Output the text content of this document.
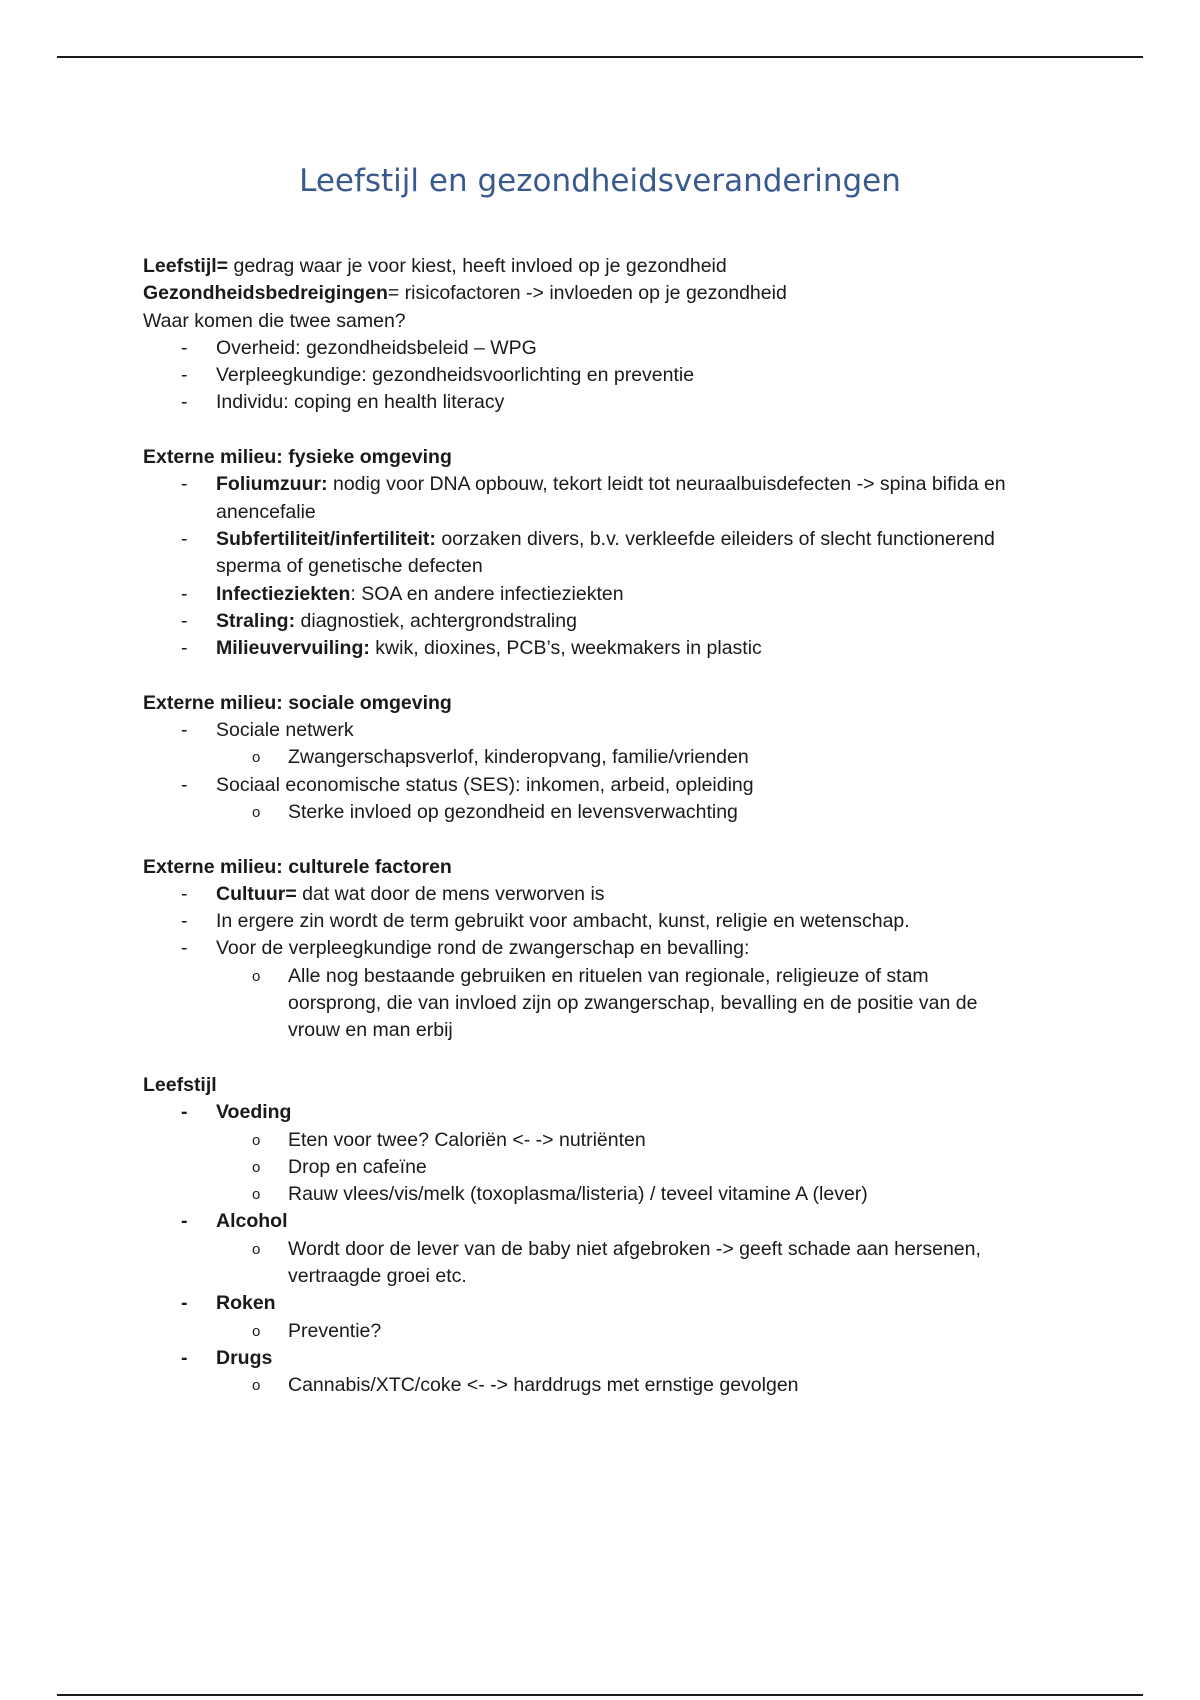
Leefstijl en gezondheidsveranderingen

Leefstijl= gedrag waar je voor kiest, heeft invloed op je gezondheid

Gezondheidsbedreigingen= risicofactoren -> invloeden op je gezondheid

Waar komen die twee samen?

- Overheid: gezondheidsbeleid – WPG

- Verpleegkundige: gezondheidsvoorlichting en preventie

- Individu: coping en health literacy

Externe milieu: fysieke omgeving

- Foliumzuur: nodig voor DNA opbouw, tekort leidt tot neuraalbuisdefecten -> spina bifida en

anencefalie

- Subfertiliteit/infertiliteit: oorzaken divers, b.v. verkleefde eileiders of slecht functionerend

sperma of genetische defecten

- Infectieziekten: SOA en andere infectieziekten

- Straling: diagnostiek, achtergrondstraling

- Milieuvervuiling: kwik, dioxines, PCB’s, weekmakers in plastic

Externe milieu: sociale omgeving

- Sociale netwerk

o Zwangerschapsverlof, kinderopvang, familie/vrienden

- Sociaal economische status (SES): inkomen, arbeid, opleiding

o Sterke invloed op gezondheid en levensverwachting

Externe milieu: culturele factoren

- Cultuur= dat wat door de mens verworven is

- In ergere zin wordt de term gebruikt voor ambacht, kunst, religie en wetenschap.

- Voor de verpleegkundige rond de zwangerschap en bevalling:

o Alle nog bestaande gebruiken en rituelen van regionale, religieuze of stam

oorsprong, die van invloed zijn op zwangerschap, bevalling en de positie van de

vrouw en man erbij

Leefstijl

- Voeding

o Eten voor twee? Caloriën <- -> nutriënten

o Drop en cafeïne

o Rauw vlees/vis/melk (toxoplasma/listeria) / teveel vitamine A (lever)

- Alcohol

o Wordt door de lever van de baby niet afgebroken -> geeft schade aan hersenen,

vertraagde groei etc.

- Roken

o Preventie?

- Drugs

o Cannabis/XTC/coke <- -> harddrugs met ernstige gevolgen
